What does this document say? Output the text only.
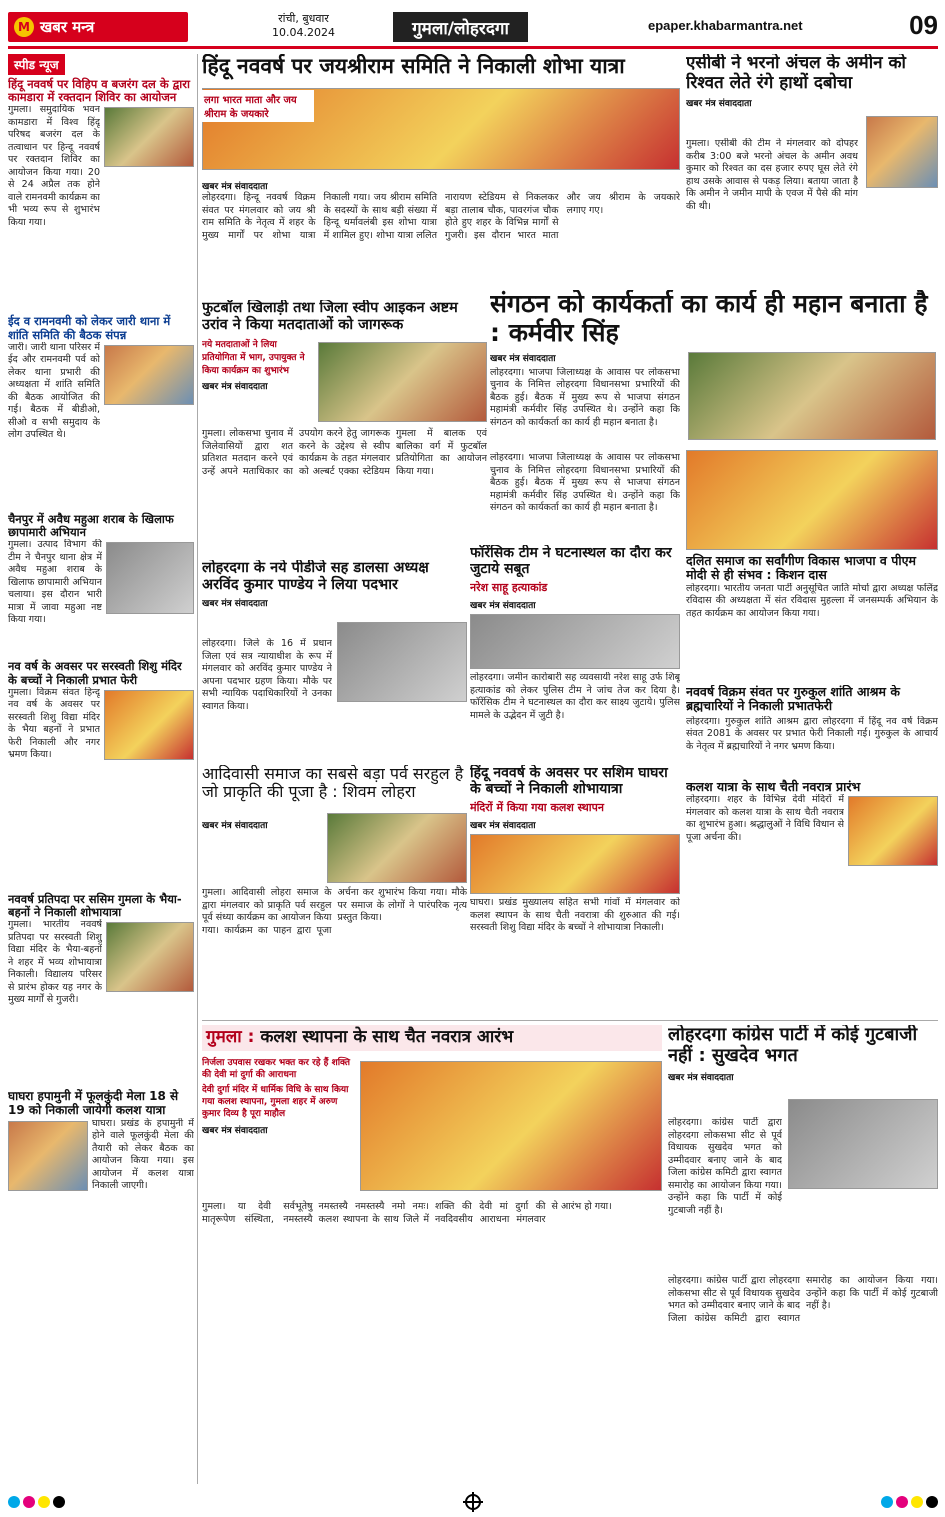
M खबर मन्त्र	रांची, बुधवार
10.04.2024	गुमला/लोहरदगा	epaper.khabarmantra.net	09
स्पीड न्यूज
हिंदू नववर्ष पर विहिप व बजरंग दल के द्वारा कामडारा में रक्तदान शिविर का आयोजन
गुमला। समुदायिक भवन कामडारा में विश्व हिंदू परिषद बजरंग दल के तत्वाधान पर हिन्दू नववर्ष पर रक्तदान शिविर का आयोजन किया गया। 20 से 24 अप्रैल तक होने वाले रामनवमी कार्यक्रम का भी भव्य रूप से शुभारंभ किया गया।
ईद व रामनवमी को लेकर जारी थाना में शांति समिति की बैठक संपन्न
जारी। जारी थाना परिसर में ईद और रामनवमी पर्व को लेकर थाना प्रभारी की अध्यक्षता में शांति समिति की बैठक आयोजित की गई। बैठक में बीडीओ, सीओ व सभी समुदाय के लोग उपस्थित थे।
चैनपुर में अवैध महुआ शराब के खिलाफ छापामारी अभियान
गुमला। उत्पाद विभाग की टीम ने चैनपुर थाना क्षेत्र में अवैध महुआ शराब के खिलाफ छापामारी अभियान चलाया। इस दौरान भारी मात्रा में जावा महुआ नष्ट किया गया।
नव वर्ष के अवसर पर सरस्वती शिशु मंदिर के बच्चों ने निकाली प्रभात फेरी
गुमला। विक्रम संवत हिन्दू नव वर्ष के अवसर पर सरस्वती शिशु विद्या मंदिर के भैया बहनों ने प्रभात फेरी निकाली और नगर भ्रमण किया।
नववर्ष प्रतिपदा पर ससिम गुमला के भैया-बहनों ने निकाली शोभायात्रा
गुमला। भारतीय नववर्ष प्रतिपदा पर सरस्वती शिशु विद्या मंदिर के भैया-बहनों ने शहर में भव्य शोभायात्रा निकाली। विद्यालय परिसर से प्रारंभ होकर यह नगर के मुख्य मार्गों से गुजरी।
घाघरा हपामुनी में फूलकुंदी मेला 18 से 19 को निकाली जायेगी कलश यात्रा
घाघरा। प्रखंड के हपामुनी में होने वाले फूलकुंदी मेला की तैयारी को लेकर बैठक का आयोजन किया गया। इस आयोजन में कलश यात्रा निकाली जाएगी।
हिंदू नववर्ष पर जयश्रीराम समिति ने निकाली शोभा यात्रा
लगा भारत माता और जय श्रीराम के जयकारे
खबर मंत्र संवाददाता
लोहरदगा। हिन्दू नववर्ष विक्रम संवत पर मंगलवार को जय श्री राम समिति के नेतृत्व में शहर के मुख्य मार्गों पर शोभा यात्रा निकाली गया। जय श्रीराम समिति के सदस्यों के साथ बड़ी संख्या में हिन्दू धर्मावलंबी इस शोभा यात्रा में शामिल हुए। शोभा यात्रा ललित नारायण स्टेडियम से निकलकर बड़ा तालाब चौक, पावरगंज चौक होते हुए शहर के विभिन्न मार्गों से गुजरी। इस दौरान भारत माता और जय श्रीराम के जयकारे लगाए गए।
एसीबी ने भरनो अंचल के अमीन को रिश्वत लेते रंगे हाथों दबोचा
खबर मंत्र संवाददाता
गुमला। एसीबी की टीम ने मंगलवार को दोपहर करीब 3:00 बजे भरनो अंचल के अमीन अवध कुमार को रिश्वत का दस हजार रुपए घूस लेते रंगे हाथ उसके आवास से पकड़ लिया। बताया जाता है कि अमीन ने जमीन मापी के एवज में पैसे की मांग की थी।
संगठन को कार्यकर्ता का कार्य ही महान बनाता है : कर्मवीर सिंह
खबर मंत्र संवाददाता
लोहरदगा। भाजपा जिलाध्यक्ष के आवास पर लोकसभा चुनाव के निमित्त लोहरदगा विधानसभा प्रभारियों की बैठक हुई। बैठक में मुख्य रूप से भाजपा संगठन महामंत्री कर्मवीर सिंह उपस्थित थे। उन्होंने कहा कि संगठन को कार्यकर्ता का कार्य ही महान बनाता है।
फुटबॉल खिलाड़ी तथा जिला स्वीप आइकन अष्टम उरांव ने किया मतदाताओं को जागरूक
नये मतदाताओं ने लिया प्रतियोगिता में भाग, उपायुक्त ने किया कार्यक्रम का शुभारंभ
खबर मंत्र संवाददाता
गुमला। लोकसभा चुनाव में जिलेवासियों द्वारा शत प्रतिशत मतदान करने एवं उन्हें अपने मताधिकार का उपयोग करने हेतु जागरूक करने के उद्देश्य से स्वीप कार्यक्रम के तहत मंगलवार को अल्बर्ट एक्का स्टेडियम गुमला में बालक एवं बालिका वर्ग में फुटबॉल प्रतियोगिता का आयोजन किया गया।
दलित समाज का सर्वांगीण विकास भाजपा व पीएम मोदी से ही संभव : किशन दास
लोहरदगा। भारतीय जनता पार्टी अनुसूचित जाति मोर्चा द्वारा अध्यक्ष फलिंद्र रविदास की अध्यक्षता में संत रविदास मुहल्ला में जनसम्पर्क अभियान के तहत कार्यक्रम का आयोजन किया गया।
लोहरदगा। भाजपा जिलाध्यक्ष के आवास पर लोकसभा चुनाव के निमित्त लोहरदगा विधानसभा प्रभारियों की बैठक हुई। बैठक में मुख्य रूप से भाजपा संगठन महामंत्री कर्मवीर सिंह उपस्थित थे। उन्होंने कहा कि संगठन को कार्यकर्ता का कार्य ही महान बनाता है।
लोहरदगा के नये पीडीजे सह डालसा अध्यक्ष अरविंद कुमार पाण्डेय ने लिया पदभार
खबर मंत्र संवाददाता
लोहरदगा। जिले के 16 में प्रधान जिला एवं सत्र न्यायाधीश के रूप में मंगलवार को अरविंद कुमार पाण्डेय ने अपना पदभार ग्रहण किया। मौके पर सभी न्यायिक पदाधिकारियों ने उनका स्वागत किया।
फॉरेंसिक टीम ने घटनास्थल का दौरा कर जुटाये सबूत
नरेश साहू हत्याकांड
खबर मंत्र संवाददाता
लोहरदगा। जमीन कारोबारी सह व्यवसायी नरेश साहू उर्फ शिबू हत्याकांड को लेकर पुलिस टीम ने जांच तेज कर दिया है। फॉरेंसिक टीम ने घटनास्थल का दौरा कर साक्ष्य जुटाये। पुलिस मामले के उद्भेदन में जुटी है।
नववर्ष विक्रम संवत पर गुरुकुल शांति आश्रम के ब्रह्मचारियों ने निकाली प्रभातफेरी
लोहरदगा। गुरुकुल शांति आश्रम द्वारा लोहरदगा में हिंदू नव वर्ष विक्रम संवत 2081 के अवसर पर प्रभात फेरी निकाली गई। गुरुकुल के आचार्य के नेतृत्व में ब्रह्मचारियों ने नगर भ्रमण किया।
कलश यात्रा के साथ चैती नवरात्र प्रारंभ
लोहरदगा। शहर के विभिन्न देवी मंदिरों में मंगलवार को कलश यात्रा के साथ चैती नवरात्र का शुभारंभ हुआ। श्रद्धालुओं ने विधि विधान से पूजा अर्चना की।
आदिवासी समाज का सबसे बड़ा पर्व सरहुल है जो प्राकृति की पूजा है : शिवम लोहरा
खबर मंत्र संवाददाता
गुमला। आदिवासी लोहरा समाज के द्वारा मंगलवार को प्राकृति पर्व सरहुल पूर्व संध्या कार्यक्रम का आयोजन किया गया। कार्यक्रम का पाहन द्वारा पूजा अर्चना कर शुभारंभ किया गया। मौके पर समाज के लोगों ने पारंपरिक नृत्य प्रस्तुत किया।
हिंदू नववर्ष के अवसर पर सशिम घाघरा के बच्चों ने निकाली शोभायात्रा
मंदिरों में किया गया कलश स्थापन
खबर मंत्र संवाददाता
घाघरा। प्रखंड मुख्यालय सहित सभी गांवों में मंगलवार को कलश स्थापन के साथ चैती नवरात्रा की शुरुआत की गई। सरस्वती शिशु विद्या मंदिर के बच्चों ने शोभायात्रा निकाली।
गुमला : कलश स्थापना के साथ चैत नवरात्र आरंभ
निर्जला उपवास रखकर भक्त कर रहे हैं शक्ति की देवी मां दुर्गा की आराधना
देवी दुर्गा मंदिर में धार्मिक विधि के साथ किया गया कलश स्थापना, गुमला शहर में अरुण कुमार दिव्य है पूरा माहौल
खबर मंत्र संवाददाता
गुमला। या देवी सर्वभूतेषु मातृरूपेण संस्थिता, नमस्तस्यै नमस्तस्यै नमस्तस्यै नमो नमः। कलश स्थापना के साथ जिले में शक्ति की देवी मां दुर्गा की नवदिवसीय आराधना मंगलवार से आरंभ हो गया।
लोहरदगा कांग्रेस पार्टी में कोई गुटबाजी नहीं : सुखदेव भगत
खबर मंत्र संवाददाता
लोहरदगा। कांग्रेस पार्टी द्वारा लोहरदगा लोकसभा सीट से पूर्व विधायक सुखदेव भगत को उम्मीदवार बनाए जाने के बाद जिला कांग्रेस कमिटी द्वारा स्वागत समारोह का आयोजन किया गया। उन्होंने कहा कि पार्टी में कोई गुटबाजी नहीं है।
लोहरदगा। कांग्रेस पार्टी द्वारा लोहरदगा लोकसभा सीट से पूर्व विधायक सुखदेव भगत को उम्मीदवार बनाए जाने के बाद जिला कांग्रेस कमिटी द्वारा स्वागत समारोह का आयोजन किया गया। उन्होंने कहा कि पार्टी में कोई गुटबाजी नहीं है।
